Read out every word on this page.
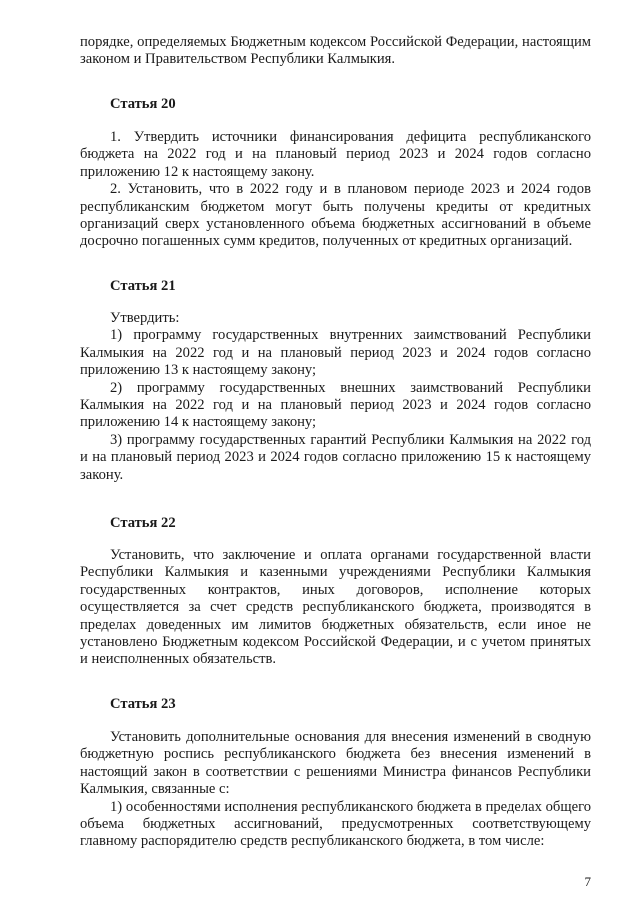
порядке, определяемых Бюджетным кодексом Российской Федерации, настоящим законом и Правительством Республики Калмыкия.

Статья 20

1. Утвердить источники финансирования дефицита республиканского бюджета на 2022 год и на плановый период 2023 и 2024 годов согласно приложению 12 к настоящему закону.

2. Установить, что в 2022 году и в плановом периоде 2023 и 2024 годов республиканским бюджетом могут быть получены кредиты от кредитных организаций сверх установленного объема бюджетных ассигнований в объеме досрочно погашенных сумм кредитов, полученных от кредитных организаций.

Статья 21

Утвердить:

1) программу государственных внутренних заимствований Республики Калмыкия на 2022 год и на плановый период 2023 и 2024 годов согласно приложению 13 к настоящему закону;

2) программу государственных внешних заимствований Республики Калмыкия на 2022 год и на плановый период 2023 и 2024 годов согласно приложению 14 к настоящему закону;

3) программу государственных гарантий Республики Калмыкия на 2022 год и на плановый период 2023 и 2024 годов согласно приложению 15 к настоящему закону.

Статья 22

Установить, что заключение и оплата органами государственной власти Республики Калмыкия и казенными учреждениями Республики Калмыкия государственных контрактов, иных договоров, исполнение которых осуществляется за счет средств республиканского бюджета, производятся в пределах доведенных им лимитов бюджетных обязательств, если иное не установлено Бюджетным кодексом Российской Федерации, и с учетом принятых и неисполненных обязательств.

Статья 23

Установить дополнительные основания для внесения изменений в сводную бюджетную роспись республиканского бюджета без внесения изменений в настоящий закон в соответствии с решениями Министра финансов Республики Калмыкия, связанные с:

1) особенностями исполнения республиканского бюджета в пределах общего объема бюджетных ассигнований, предусмотренных соответствующему главному распорядителю средств республиканского бюджета, в том числе:

7
